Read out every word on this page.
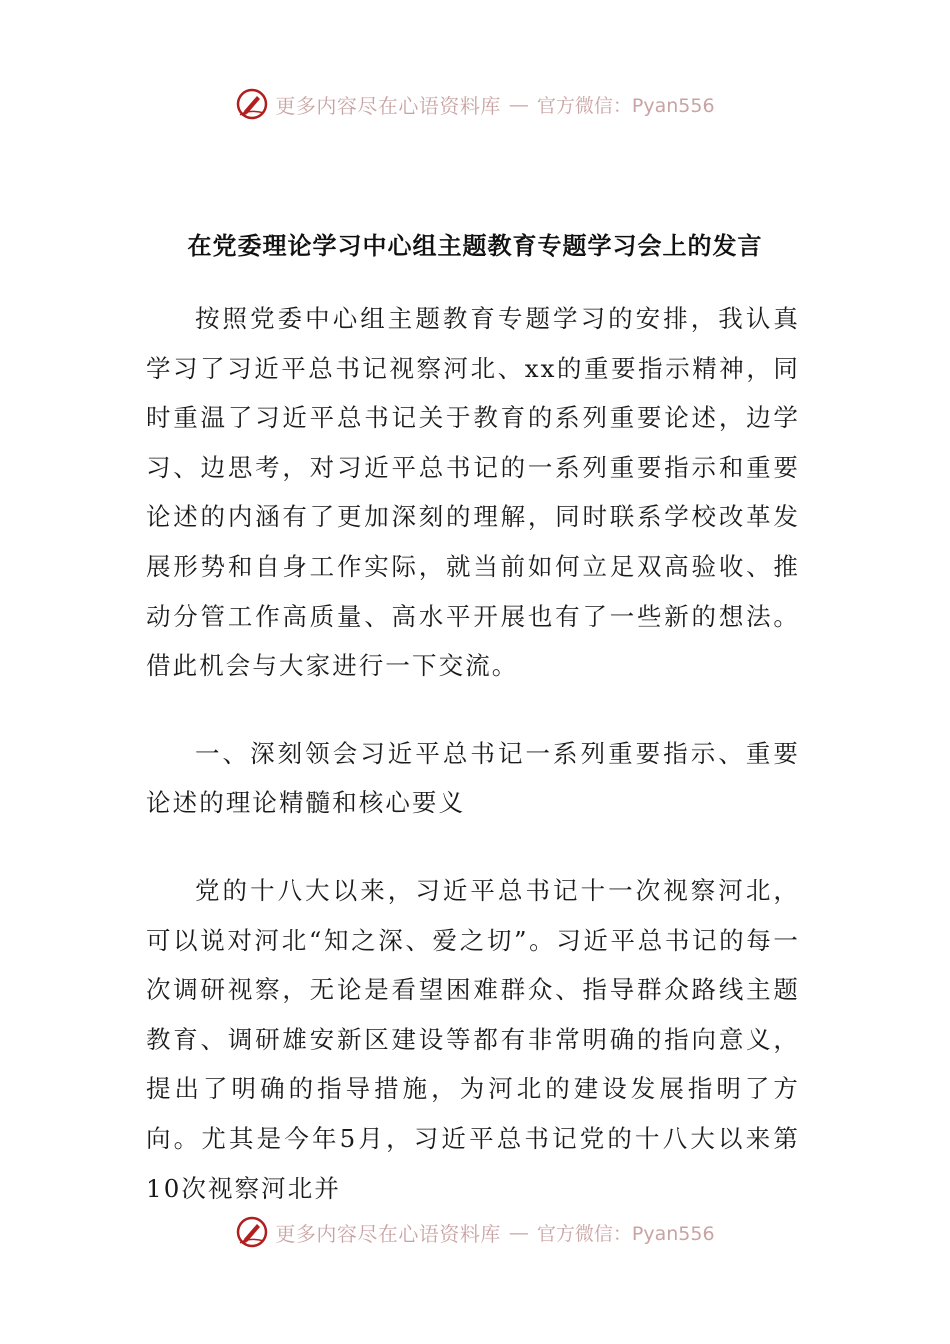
更多内容尽在心语资料库 — 官方微信：Pyan556
在党委理论学习中心组主题教育专题学习会上的发言

按照党委中心组主题教育专题学习的安排，我认真学习了习近平总书记视察河北、xx的重要指示精神，同时重温了习近平总书记关于教育的系列重要论述，边学习、边思考，对习近平总书记的一系列重要指示和重要论述的内涵有了更加深刻的理解，同时联系学校改革发展形势和自身工作实际，就当前如何立足双高验收、推动分管工作高质量、高水平开展也有了一些新的想法。借此机会与大家进行一下交流。

一、深刻领会习近平总书记一系列重要指示、重要论述的理论精髓和核心要义

党的十八大以来，习近平总书记十一次视察河北，可以说对河北“知之深、爱之切”。习近平总书记的每一次调研视察，无论是看望困难群众、指导群众路线主题教育、调研雄安新区建设等都有非常明确的指向意义，提出了明确的指导措施，为河北的建设发展指明了方向。尤其是今年5月，习近平总书记党的十八大以来第10次视察河北并

更多内容尽在心语资料库 — 官方微信：Pyan556
